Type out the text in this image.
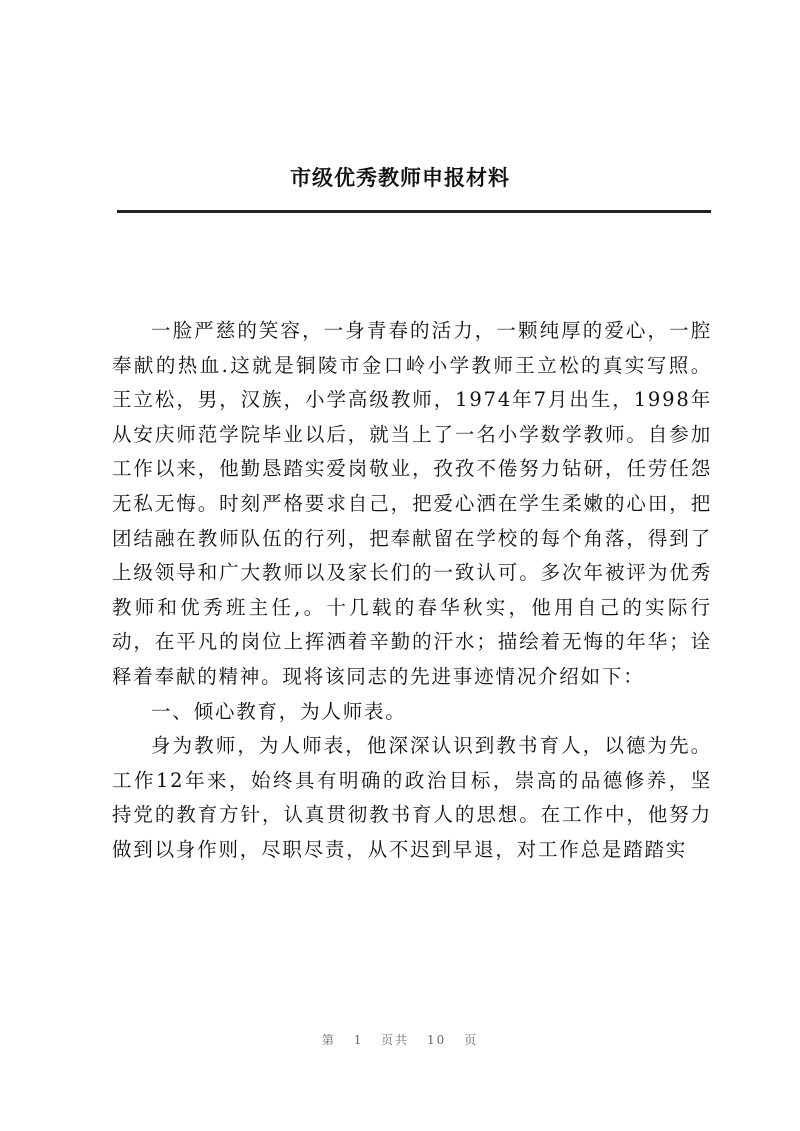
市级优秀教师申报材料

一脸严慈的笑容，一身青春的活力，一颗纯厚的爱心，一腔奉献的热血.这就是铜陵市金口岭小学教师王立松的真实写照。王立松，男，汉族，小学高级教师，1974年7月出生，1998年从安庆师范学院毕业以后，就当上了一名小学数学教师。自参加工作以来，他勤恳踏实爱岗敬业，孜孜不倦努力钻研，任劳任怨无私无悔。时刻严格要求自己，把爱心洒在学生柔嫩的心田，把团结融在教师队伍的行列，把奉献留在学校的每个角落，得到了上级领导和广大教师以及家长们的一致认可。多次年被评为优秀教师和优秀班主任,。十几载的春华秋实，他用自己的实际行动，在平凡的岗位上挥洒着辛勤的汗水；描绘着无悔的年华；诠释着奉献的精神。现将该同志的先进事迹情况介绍如下：

一、倾心教育，为人师表。

身为教师，为人师表，他深深认识到教书育人，以德为先。工作12年来，始终具有明确的政治目标，崇高的品德修养，坚持党的教育方针，认真贯彻教书育人的思想。在工作中，他努力做到以身作则，尽职尽责，从不迟到早退，对工作总是踏踏实

第 1 页共 10 页
